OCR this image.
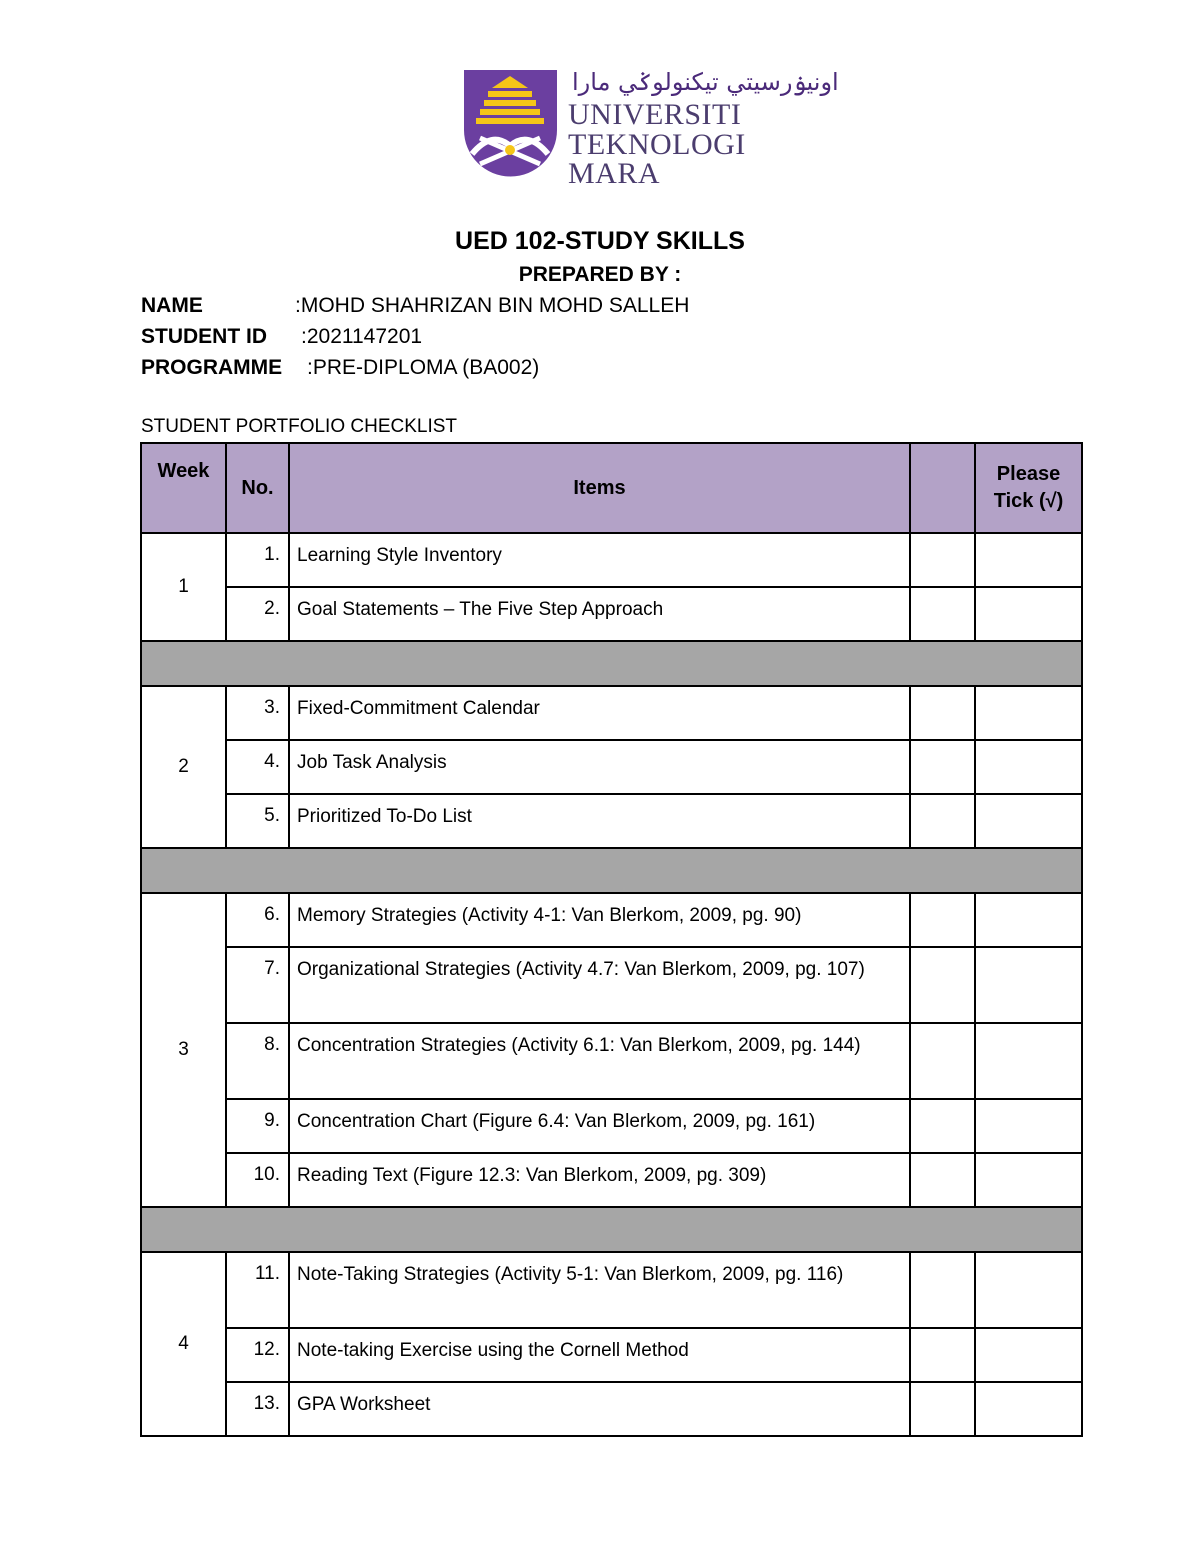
اونيۏرسيتي تيكنولوݢي مارا
UNIVERSITI
TEKNOLOGI
MARA
UED 102-STUDY SKILLS
PREPARED BY :
NAME	:MOHD SHAHRIZAN BIN MOHD SALLEH
STUDENT ID :2021147201
PROGRAMME :PRE-DIPLOMA (BA002)
STUDENT PORTFOLIO CHECKLIST
Week	No.	Items		Please Tick (√)
1	1.	Learning Style Inventory		
	2.	Goal Statements – The Five Step Approach		

2	3.	Fixed-Commitment Calendar		
	4.	Job Task Analysis		
	5.	Prioritized To-Do List		

3	6.	Memory Strategies (Activity 4-1: Van Blerkom, 2009, pg. 90)		
	7.	Organizational Strategies (Activity 4.7: Van Blerkom, 2009, pg. 107)		
	8.	Concentration Strategies (Activity 6.1: Van Blerkom, 2009, pg. 144)		
	9.	Concentration Chart (Figure 6.4: Van Blerkom, 2009, pg. 161)		
	10.	Reading Text (Figure 12.3: Van Blerkom, 2009, pg. 309)		

4	11.	Note-Taking Strategies (Activity 5-1: Van Blerkom, 2009, pg. 116)		
	12.	Note-taking Exercise using the Cornell Method		
	13.	GPA Worksheet		
